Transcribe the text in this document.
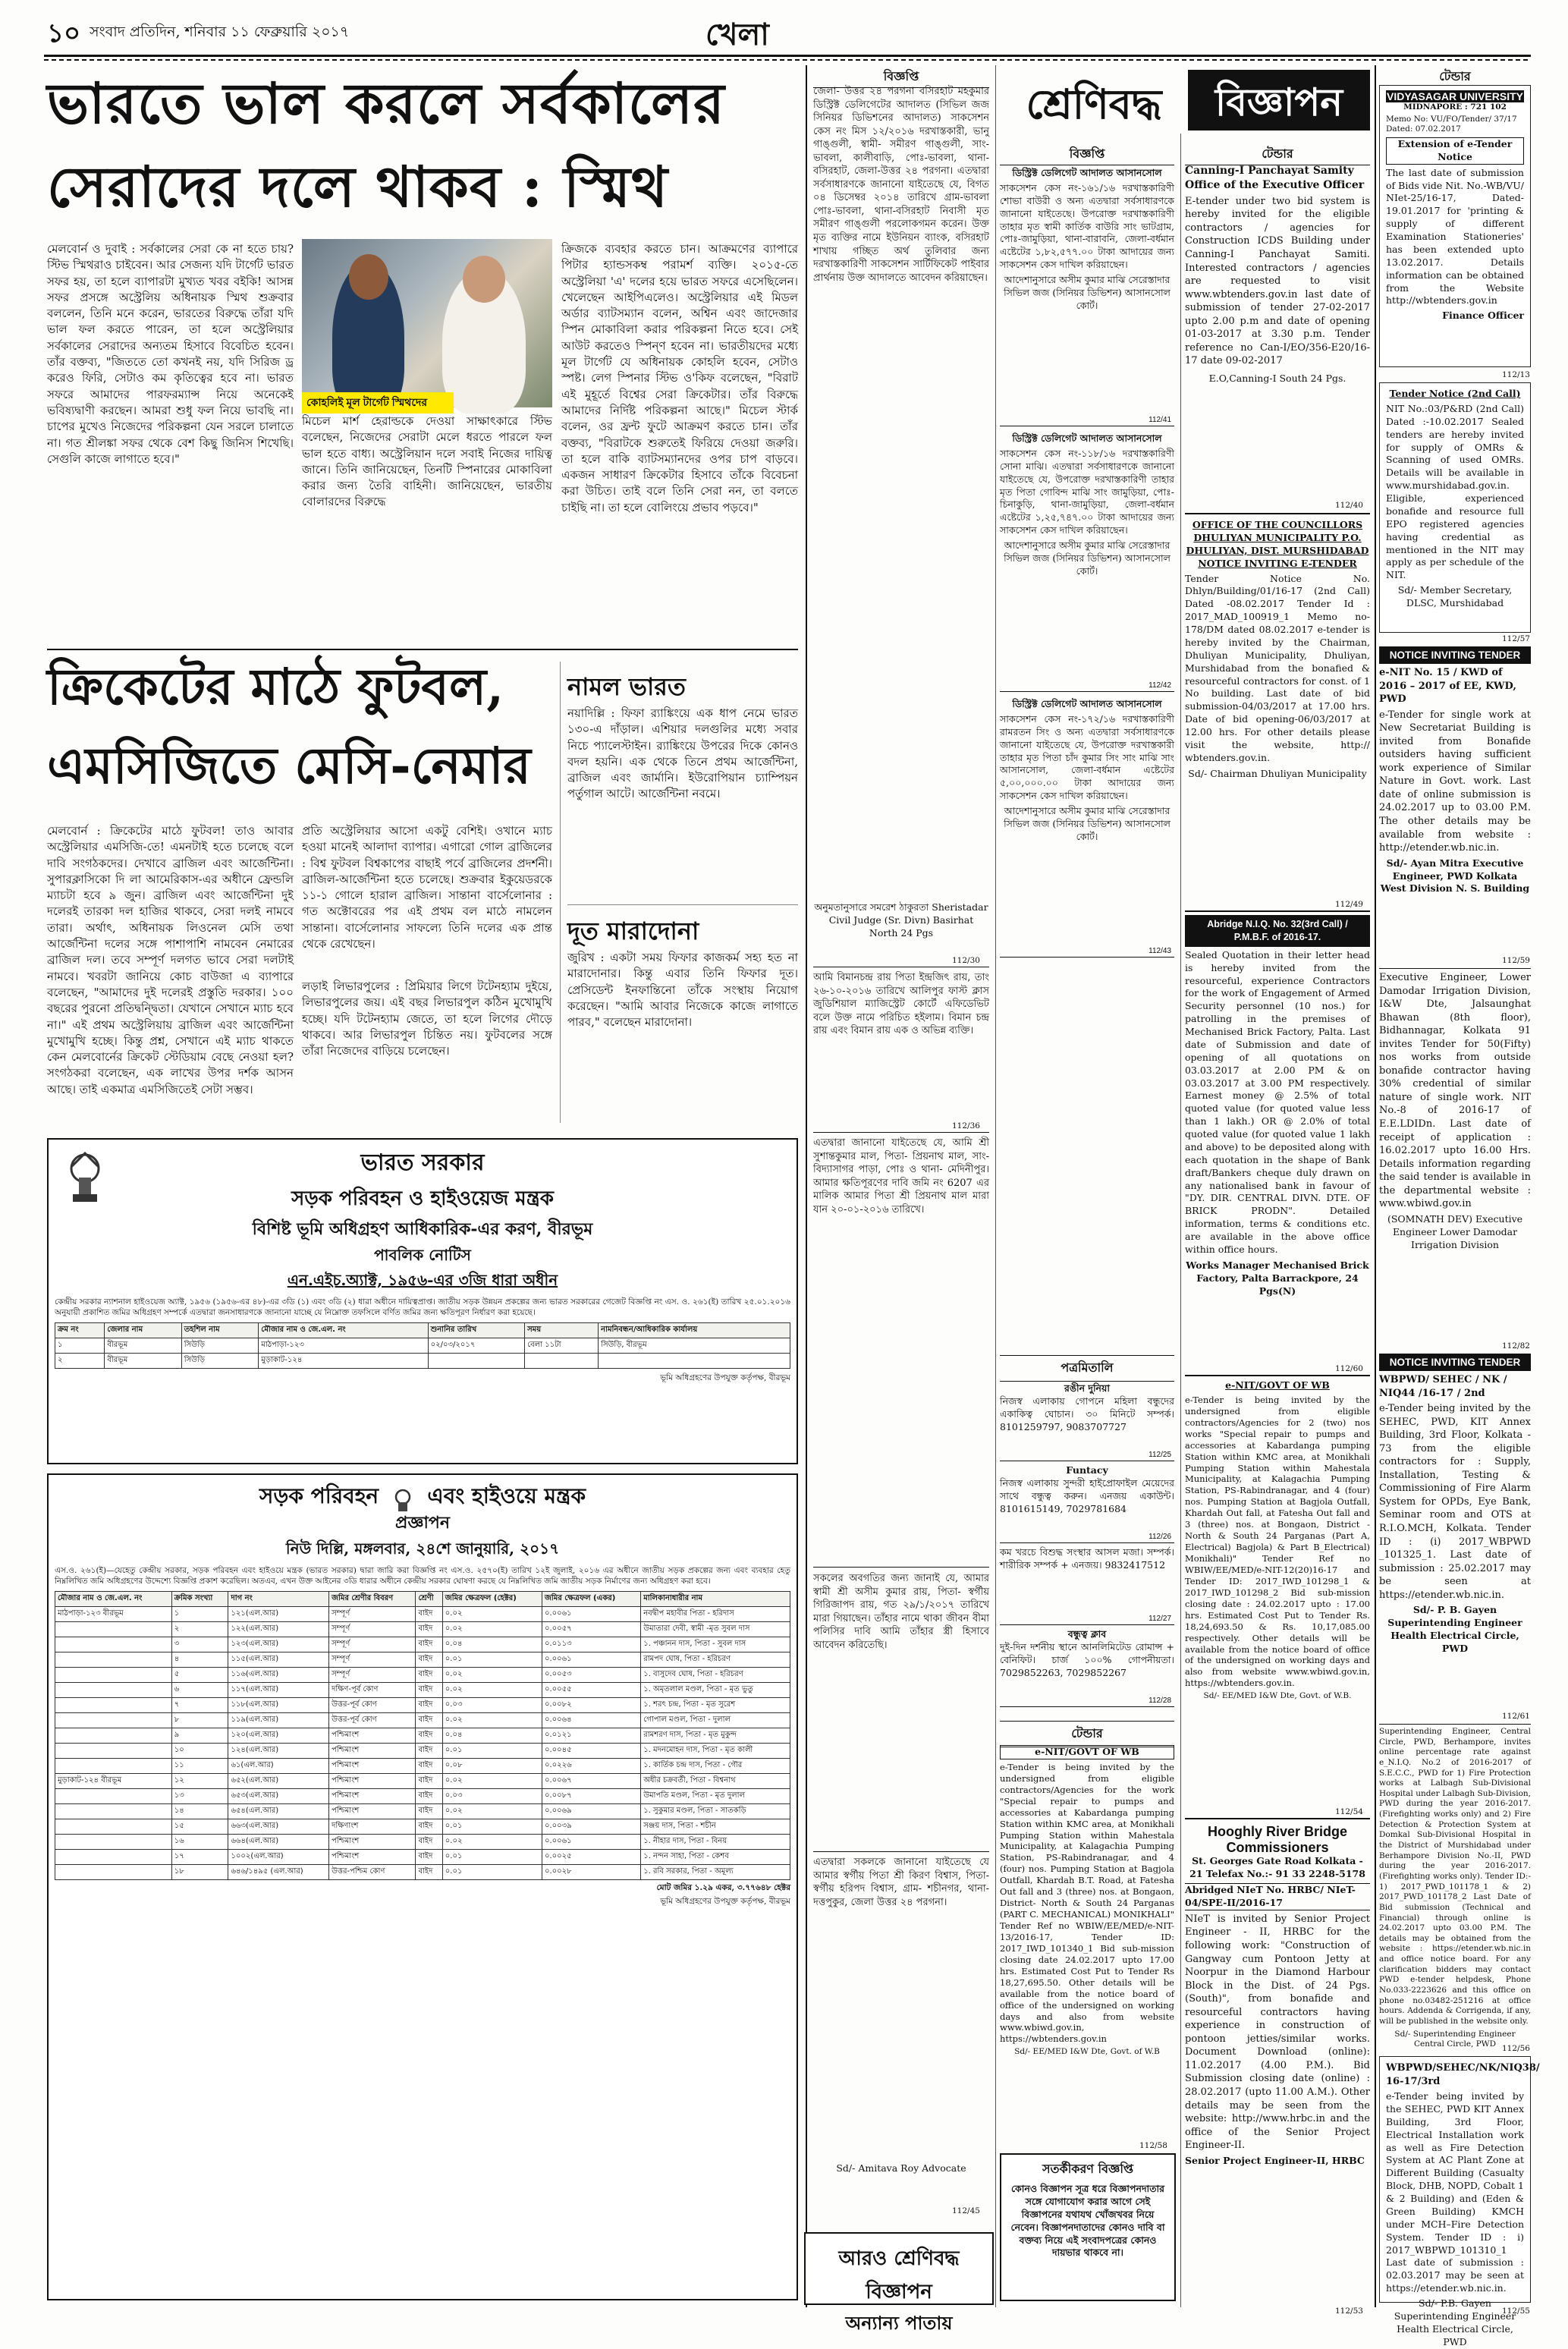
১০ সংবাদ প্রতিদিন, শনিবার ১১ ফেব্রুয়ারি ২০১৭	খেলা
ভারতে ভাল করলে সর্বকালের
সেরাদের দলে থাকব : স্মিথ
মেলবোর্ন ও দুবাই : সর্বকালের সেরা কে না হতে চায়? স্টিভ স্মিথরাও চাইবেন। আর সেজন্য যদি টার্গেট ভারত সফর হয়, তা হলে ব্যাপারটা মুখ্যত খবর বইকি! আসন্ন সফর প্রসঙ্গে অস্ট্রেলিয় অধিনায়ক স্মিথ শুক্রবার বললেন, তিনি মনে করেন, ভারতের বিরুদ্ধে তাঁরা যদি ভাল ফল করতে পারেন, তা হলে অস্ট্রেলিয়ার সর্বকালের সেরাদের অন্যতম হিসাবে বিবেচিত হবেন। তাঁর বক্তব্য, "জিততে তো কখনই নয়, যদি সিরিজ ড্র করেও ফিরি, সেটাও কম কৃতিত্বের হবে না। ভারত সফরে আমাদের পারফরম্যান্স নিয়ে অনেকেই ভবিষ্যদ্বাণী করছেন। আমরা শুধু ফল নিয়ে ভাবছি না। চাপের মুখেও নিজেদের পরিকল্পনা যেন সরলে চালাতে না। গত শ্রীলঙ্কা সফর থেকে বেশ কিছু জিনিস শিখেছি। সেগুলি কাজে লাগাতে হবে।"
কোহলিই মূল টার্গেট স্মিথদের
মিচেল মার্শ হেরাল্ডকে দেওয়া সাক্ষাৎকারে স্টিভ বলেছেন, নিজেদের সেরাটা মেলে ধরতে পারলে ফল ভাল হতে বাধ্য। অস্ট্রেলিয়ান দলে সবাই নিজের দায়িত্ব জানে। তিনি জানিয়েছেন, তিনটি স্পিনারের মোকাবিলা করার জন্য তৈরি বাহিনী। জানিয়েছেন, ভারতীয় বোলারদের বিরুদ্ধে
ক্রিজকে ব্যবহার করতে চান। আক্রমণের ব্যাপারে পিটার হ্যান্ডসকম্ব পরামর্শ ব্যক্তি। ২০১৫-তে অস্ট্রেলিয়া 'এ' দলের হয়ে ভারত সফরে এসেছিলেন। খেলেছেন আইপিএলেও। অস্ট্রেলিয়ার এই মিডল অর্ডার ব্যাটসম্যান বলেন, অশ্বিন এবং জাদেজার স্পিন মোকাবিলা করার পরিকল্পনা নিতে হবে। সেই আউট করতেও স্পিন্‌ণ হবেন না। ভারতীয়দের মধ্যে মূল টার্গেট যে অধিনায়ক কোহলি হবেন, সেটাও স্পষ্ট। লেগ স্পিনার স্টিভ ও'কিফ বলেছেন, "বিরাট এই মুহূর্তে বিশ্বের সেরা ক্রিকেটার। তাঁর বিরুদ্ধে আমাদের নির্দিষ্ট পরিকল্পনা আছে।" মিচেল স্টার্ক বলেন, ওর ফ্রন্ট ফুটে আক্রমণ করতে চান। তাঁর বক্তব্য, "বিরাটকে শুরুতেই ফিরিয়ে দেওয়া জরুরি। তা হলে বাকি ব্যাটসম্যানদের ওপর চাপ বাড়বে। একজন সাধারণ ক্রিকেটার হিসাবে তাঁকে বিবেচনা করা উচিত। তাই বলে তিনি সেরা নন, তা বলতে চাইছি না। তা হলে বোলিংয়ে প্রভাব পড়বে।"
ক্রিকেটের মাঠে ফুটবল,
এমসিজিতে মেসি-নেমার
মেলবোর্ন : ক্রিকেটের মাঠে ফুটবল! তাও আবার অস্ট্রেলিয়ার এমসিজি-তে! এমনটাই হতে চলেছে বলে দাবি সংগঠকদের। দেখাবে ব্রাজিল এবং আর্জেন্টিনা। সুপারক্লাসিকো দি লা আমেরিকাস-এর অধীনে ফ্রেন্ডলি ম্যাচটা হবে ৯ জুন। ব্রাজিল এবং আর্জেন্টিনা দুই দলেরই তারকা দল হাজির থাকবে, সেরা দলই নামবে তারা। অর্থাৎ, অধিনায়ক লিওনেল মেসি তথা আর্জেন্টিনা দলের সঙ্গে পাশাপাশি নামবেন নেমারের ব্রাজিল দল। তবে সম্পূর্ণ দলগত ভাবে সেরা দলটাই নামবে। খবরটা জানিয়ে কোচ বাউজা এ ব্যাপারে বলেছেন, "আমাদের দুই দলেরই প্রস্তুতি দরকার। ১০০ বছরের পুরনো প্রতিদ্বন্দ্বিতা। যেখানে সেখানে ম্যাচ হবে না।" এই প্রথম অস্ট্রেলিয়ায় ব্রাজিল এবং আর্জেন্টিনা মুখোমুখি হচ্ছে। কিন্তু প্রশ্ন, সেখানে এই ম্যাচ থাকতে কেন মেলবোর্নের ক্রিকেট স্টেডিয়াম বেছে নেওয়া হল? সংগঠকরা বলেছেন, এক লাখের উপর দর্শক আসন আছে। তাই একমাত্র এমসিজিতেই সেটা সম্ভব।
প্রতি অস্ট্রেলিয়ার আসো একটু বেশিই। ওখানে ম্যাচ হওয়া মানেই আলাদা ব্যাপার। এগারো গোল ব্রাজিলের : বিশ্ব ফুটবল বিশ্বকাপের বাছাই পর্বে ব্রাজিলের প্রদর্শনী। ব্রাজিল-আর্জেন্টিনা হতে চলেছে। শুক্রবার ইকুয়েডরকে ১১-১ গোলে হারাল ব্রাজিল। সান্তানা বার্সেলোনার : গত অক্টোবরের পর এই প্রথম বল মাঠে নামলেন সান্তানা। বার্সেলোনার সাফল্যে তিনি দলের এক প্রান্ত থেকে রেখেছেন।
লড়াই লিভারপুলের : প্রিমিয়ার লিগে টটেনহ্যাম দুইয়ে, লিভারপুলের জয়। এই বছর লিভারপুল কঠিন মুখোমুখি হচ্ছে। যদি টটেনহ্যাম জেতে, তা হলে লিগের দৌড়ে থাকবে। আর লিভারপুল চিন্তিত নয়। ফুটবলের সঙ্গে তাঁরা নিজেদের বাড়িয়ে চলেছেন।
নামল ভারত
নয়াদিল্লি : ফিফা র‍্যাঙ্কিংয়ে এক ধাপ নেমে ভারত ১৩০-এ দাঁড়াল। এশিয়ার দলগুলির মধ্যে সবার নিচে প্যালেস্টাইন। র‍্যাঙ্কিংয়ে উপরের দিকে কোনও বদল হয়নি। এক থেকে তিনে প্রথম আর্জেন্টিনা, ব্রাজিল এবং জার্মানি। ইউরোপিয়ান চ্যাম্পিয়ন পর্তুগাল আটে। আর্জেন্টিনা নবমে।
দূত মারাদোনা
জুরিখ : একটা সময় ফিফার কাজকর্ম সহ্য হত না মারাদোনার। কিন্তু এবার তিনি ফিফার দূত। প্রেসিডেন্ট ইনফান্তিনো তাঁকে সংস্থায় নিয়োগ করেছেন। "আমি আবার নিজেকে কাজে লাগাতে পারব," বলেছেন মারাদোনা।
ভারত সরকার
সড়ক পরিবহন ও হাইওয়েজ মন্ত্রক
বিশিষ্ট ভূমি অধিগ্রহণ আধিকারিক-এর করণ, বীরভূম
পাবলিক নোটিস
এন.এইচ.অ্যাক্ট, ১৯৫৬-এর ৩জি ধারা অধীন
কেন্দ্রীয় সরকার ন্যাশনাল হাইওয়েজ অ্যাক্ট, ১৯৫৬ (১৯৫৬-এর ৪৮)-এর ৩ডি (১) এবং ৩ডি (২) ধারা অধীনে দায়িত্বপ্রাপ্ত। জাতীয় সড়ক উন্নয়ন প্রকল্পের জন্য ভারত সরকারের গেজেট বিজ্ঞপ্তি নং এস. ও. ২৬১(ই) তারিখ ২৫.০১.২০১৬ অনুযায়ী প্রকাশিত জমির অধিগ্রহণ সম্পর্কে এতদ্বারা জনসাধারণকে জানানো যাচ্ছে যে নিম্নোক্ত তফসিলে বর্ণিত জমির জন্য ক্ষতিপূরণ নির্ধারণ করা হয়েছে।
ক্রম নং	জেলার নাম	তহশিল নাম	মৌজার নাম ও জে.এল. নং	শুনানির তারিখ	সময়	নামনিবন্ধন/আধিকারিক কার্যালয়
১	বীরভূম	সিউড়ি	মাঠপাড়া-১২৩	০২/০৩/২০১৭	বেলা ১১টা	সিউড়ি, বীরভূম
২	বীরভূম	সিউড়ি	মুড়াকাট-১২৪			
ভূমি অধিগ্রহণের উপযুক্ত কর্তৃপক্ষ, বীরভূম
সড়ক পরিবহন এবং হাইওয়ে মন্ত্রক
প্রজ্ঞাপন
নিউ দিল্লি, মঙ্গলবার, ২৪শে জানুয়ারি, ২০১৭
এস.ও. ২৬১(ই)—যেহেতু কেন্দ্রীয় সরকার, সড়ক পরিবহন এবং হাইওয়ে মন্ত্রক (ভারত সরকার) দ্বারা জারি করা বিজ্ঞপ্তি নং এস.ও. ২৫৭০(ই) তারিখ ১২ই জুলাই, ২০১৬ এর অধীনে জাতীয় সড়ক প্রকল্পের জন্য এবং ব্যবহার হেতু নিম্নলিখিত জমি অধিগ্রহণের উদ্দেশ্যে বিজ্ঞপ্তি প্রকাশ করেছিল। অতএব, এখন উক্ত আইনের ৩ডি ধারার অধীনে কেন্দ্রীয় সরকার ঘোষণা করছে যে নিম্নলিখিত জমি জাতীয় সড়ক নির্মাণের জন্য অধিগ্রহণ করা হবে।
মৌজার নাম ও জে.এল. নং	ক্রমিক সংখ্যা	দাগ নং	জমির শ্রেণীর বিবরণ	শ্রেণী	জমির ক্ষেত্রফল (হেক্টর)	জমির ক্ষেত্রফল (একর)	মালিকানাধারীর নাম
মাঠপাড়া-১২৩ বীরভূম	১	১২১(এল.আর)	সম্পূর্ণ	বাইদ	০.০২	০.০০৬১	নবদ্বীপ মহাবীর পিতা - হরিদাস
	২	১২২(এল.আর)	সম্পূর্ণ	বাইদ	০.০২	০.০০৫৭	উমাতারা দেবী, স্বামী -মৃত সুবল দাস
	৩	১২৩(এল.আর)	সম্পূর্ণ	বাইদ	০.০৪	০.০১১৩	১. পঞ্চানন দাস, পিতা - সুবল দাস
	৪	১১৫(এল.আর)	সম্পূর্ণ	বাইদ	০.০১	০.০০৬১	রামপদ ঘোষ, পিতা - হরিচরণ
	৫	১১৬(এল.আর)	সম্পূর্ণ	বাইদ	০.০২	০.০০৫৩	১. বাসুদেব ঘোষ, পিতা - হরিচরণ
	৬	১১৭(এল.আর)	দক্ষিণ-পূর্ব কোণ	বাইদ	০.০২	০.০০৫৫	১. অমৃতলাল মণ্ডল, পিতা - মৃত ভুতু
	৭	১১৮(এল.আর)	উত্তর-পূর্ব কোণ	বাইদ	০.০৩	০.০০৮২	১. শরৎ চন্দ্র, পিতা - মৃত সুরেশ
	৮	১১৯(এল.আর)	উত্তর-পূর্ব কোণ	বাইদ	০.০২	০.০০৬৪	গোপাল মণ্ডল, পিতা - দুলাল
	৯	১২০(এল.আর)	পশ্চিমাংশ	বাইদ	০.০৪	০.০১২১	রামশরণ দাস, পিতা - মৃত মুকুন্দ
	১০	১২৪(এল.আর)	পশ্চিমাংশ	বাইদ	০.০১	০.০০৪৫	১. মদনমোহন দাস, পিতা - মৃত কালী
	১১	৬১(এল.আর)	পশ্চিমাংশ	বাইদ	০.০৮	০.০২২৬	১. কার্তিক চন্দ্র দাস, পিতা - গৌর
মুড়াকাট-১২৪ বীরভূম	১২	৬৫২(এল.আর)	পশ্চিমাংশ	বাইদ	০.০২	০.০০৬৭	অধীর চক্রবর্তী, পিতা - বিশ্বনাথ
	১৩	৬৫৩(এল.আর)	পশ্চিমাংশ	বাইদ	০.০৩	০.০০৮৭	উমাপতি মণ্ডল, পিতা - মৃত দুলাল
	১৪	৬৫৪(এল.আর)	পশ্চিমাংশ	বাইদ	০.০২	০.০০৬৯	১. সুকুমার মণ্ডল, পিতা - সাতকড়ি
	১৫	৬৬৩(এল.আর)	দক্ষিণাংশ	বাইদ	০.০১	০.০০৩৯	সঞ্জয় দাস, পিতা - শচীন
	১৬	৬৬৪(এল.আর)	পশ্চিমাংশ	বাইদ	০.০২	০.০০৬১	১. নীহার দাস, পিতা - বিনয়
	১৭	১০০২(এল.আর)	পশ্চিমাংশ	বাইদ	০.০১	০.০০২৫	১. নন্দন সাহা, পিতা - কেশব
	১৮	৬৪৬/১৪৯৫ (এল.আর)	উত্তর-পশ্চিম কোণ	বাইদ	০.০১	০.০০২৮	১. রবি সরকার, পিতা - অমূল্য
মোট জমির ১.২৯ একর, ৩.৭৭৬৪৮ হেক্টর
ভূমি অধিগ্রহণের উপযুক্ত কর্তৃপক্ষ, বীরভূম
বিজ্ঞপ্তি
জেলা- উত্তর ২৪ পরগনা বসিরহাট মহকুমার ডিস্ট্রিক্ট ডেলিগেটের আদালত (সিভিল জজ সিনিয়র ডিভিশনের আদালত) সাকসেশন কেস নং মিস ১২/২০১৬ দরখাস্তকারী, ভানু গাঙ্গুলী, স্বামী- সমীরণ গাঙ্গুলী, সাং-ভাবলা, কালীবাড়ি, পোঃ-ভাবলা, থানা- বসিরহাট, জেলা-উত্তর ২৪ পরগনা। এতদ্বারা সর্বসাধারণকে জানানো যাইতেছে যে, বিগত ০৪ ডিসেম্বর ২০১৪ তারিখে গ্রাম-ভাবলা পোঃ-ভাবলা, থানা-বসিরহাট নিবাসী মৃত সমীরণ গাঙ্গুলী পরলোকগমন করেন। উক্ত মৃত ব্যক্তির নামে ইউনিয়ন ব্যাংক, বসিরহাট শাখায় গচ্ছিত অর্থ তুলিবার জন্য দরখাস্তকারিণী সাকসেশন সার্টিফিকেট পাইবার প্রার্থনায় উক্ত আদালতে আবেদন করিয়াছেন।
অনুমতানুসারে সমরেশ ঠাকুরতা Sheristadar Civil Judge (Sr. Divn) Basirhat North 24 Pgs
112/30
আমি বিমানচন্দ্র রায় পিতা ইন্দ্রজিৎ রায়, তাং ২৬-১০-২০১৬ তারিখে আলিপুর ফাস্ট ক্লাস জুডিশিয়াল ম্যাজিস্ট্রেট কোর্টে এফিডেভিট বলে উক্ত নামে পরিচিত হইলাম। বিমান চন্দ্র রায় এবং বিমান রায় এক ও অভিন্ন ব্যক্তি।
112/36
এতদ্বারা জানানো যাইতেছে যে, আমি শ্রী সুশান্তকুমার মাল, পিতা- প্রিয়নাথ মাল, সাং- বিদ্যাসাগর পাড়া, পোঃ ও থানা- মেদিনীপুর। আমার ক্ষতিপূরণের দাবি জমি নং 6207 এর মালিক আমার পিতা শ্রী প্রিয়নাথ মাল মারা যান ২০-০১-২০১৬ তারিখে।
সকলের অবগতির জন্য জানাই যে, আমার স্বামী শ্রী অসীম কুমার রায়, পিতা- স্বর্গীয় গিরিজাপদ রায়, গত ২৯/১/২০১৭ তারিখে মারা গিয়াছেন। তাঁহার নামে থাকা জীবন বীমা পলিসির দাবি আমি তাঁহার স্ত্রী হিসাবে আবেদন করিতেছি।
এতদ্বারা সকলকে জানানো যাইতেছে যে আমার স্বর্গীয় পিতা শ্রী কিরণ বিশ্বাস, পিতা- স্বর্গীয় হরিপদ বিশ্বাস, গ্রাম- শচীনগর, থানা- দত্তপুকুর, জেলা উত্তর ২৪ পরগনা।
Sd/- Amitava Roy Advocate
112/45
আরও শ্রেণিবদ্ধ বিজ্ঞাপন
অন্যান্য পাতায়
শ্রেণিবদ্ধ	বিজ্ঞাপন
বিজ্ঞপ্তি
ডিস্ট্রিক্ট ডেলিগেট আদালত আসানসোল
সাকসেশন কেস নং-১৬১/১৬ দরখাস্তকারিণী শোভা বাউরী ও অন্য এতদ্বারা সর্বসাধারণকে জানানো যাইতেছে। উপরোক্ত দরখাস্তকারিণী তাহার মৃত স্বামী কার্তিক বাউরি সাং ভাটগ্রাম, পোঃ-জামুড়িয়া, থানা-বারাবনি, জেলা-বর্ধমান এষ্টেটের ১,৮২,৫৭৭.০০ টাকা আদায়ের জন্য সাকসেশন কেস দাখিল করিয়াছেন।
আদেশানুসারে অসীম কুমার মাঝি সেরেস্তাদার সিভিল জজ (সিনিয়র ডিভিশন) আসানসোল কোর্ট।
112/41
ডিস্ট্রিক্ট ডেলিগেট আদালত আসানসোল
সাকসেশন কেস নং-১১৮/১৬ দরখাস্তকারিণী সোনা মাঝি। এতদ্বারা সর্বসাধারণকে জানানো যাইতেছে যে, উপরোক্ত দরখাস্তকারিণী তাহার মৃত পিতা গোবিন্দ মাঝি সাং জামুড়িয়া, পোঃ-চিনাকুড়ি, থানা-জামুড়িয়া, জেলা-বর্ধমান এষ্টেটের ১,২৫,৭৪৭.০০ টাকা আদায়ের জন্য সাকসেশন কেস দাখিল করিয়াছেন।
আদেশানুসারে অসীম কুমার মাঝি সেরেস্তাদার সিভিল জজ (সিনিয়র ডিভিশন) আসানসোল কোর্ট।
112/42
ডিস্ট্রিক্ট ডেলিগেট আদালত আসানসোল
সাকসেশন কেস নং-১৭২/১৬ দরখাস্তকারিণী রামরতন সিং ও অন্য এতদ্বারা সর্বসাধারণকে জানানো যাইতেছে যে, উপরোক্ত দরখাস্তকারী তাহার মৃত পিতা চাঁদ কুমার সিং সাং মাঝি সাং আসানসোল, জেলা-বর্ধমান এষ্টেটের ৫,০০,০০০.০০ টাকা আদায়ের জন্য সাকসেশন কেস দাখিল করিয়াছেন।
আদেশানুসারে অসীম কুমার মাঝি সেরেস্তাদার সিভিল জজ (সিনিয়র ডিভিশন) আসানসোল কোর্ট।
112/43
পত্রমিতালি
রঙীন দুনিয়া
নিজস্ব এলাকায় গোপনে মহিলা বন্ধুদের একাকিত্ব ঘোচান। ৩০ মিনিটে সম্পর্ক। 8101259797, 9083707727
112/25
Funtacy
নিজস্ব এলাকায় সুন্দরী হাইপ্রোফাইল মেয়েদের সাথে বন্ধুত্ব করুন। এনজয় একাউন্ট। 8101615149, 7029781684
112/26
কম খরচে বিশুদ্ধ সংস্থার আসল মজা। সম্পর্ক। শারীরিক সম্পর্ক + এনজয়। 9832417512
112/27
বন্ধুত্ব ক্লাব
দুই-দিন দর্শনীয় স্থানে আনলিমিটেড রোমান্স + বেনিফিট। চার্জ ১০০% গোপনীয়তা। 7029852263, 7029852267
112/28
টেন্ডার
e-NIT/GOVT OF WB
e-Tender is being invited by the undersigned from eligible contractors/Agencies for the work "Special repair to pumps and accessories at Kabardanga pumping Station within KMC area, at Monikhali Pumping Station within Mahestala Municipality, at Kalagachia Pumping Station, PS-Rabindranagar, and 4 (four) nos. Pumping Station at Bagjola Outfall, Khardah B.T. Road, at Fatesha Out fall and 3 (three) nos. at Bongaon, District- North & South 24 Parganas (PART C. MECHANICAL) MONIKHALI" Tender Ref no WBIW/EE/MED/e-NIT-13/2016-17, Tender ID: 2017_IWD_101340_1 Bid sub-mission closing date 24.02.2017 upto 17.00 hrs. Estimated Cost Put to Tender Rs 18,27,695.50. Other details will be available from the notice board of office of the undersigned on working days and also from website www.wbiwd.gov.in, https://wbtenders.gov.in
Sd/- EE/MED I&W Dte, Govt. of W.B
112/58
সতর্কীকরণ বিজ্ঞপ্তি
কোনও বিজ্ঞাপন সূত্র ধরে বিজ্ঞাপনদাতার সঙ্গে যোগাযোগ করার আগে সেই বিজ্ঞাপনের যথাযথ খোঁজখবর নিয়ে নেবেন। বিজ্ঞাপনদাতাদের কোনও দাবি বা বক্তব্য নিয়ে এই সংবাদপত্রের কোনও দায়ভার থাকবে না।
টেন্ডার
Canning-I Panchayat Samity Office of the Executive Officer
E-tender under two bid system is hereby invited for the eligible contractors / agencies for Construction ICDS Building under Canning-I Panchayat Samiti. Interested contractors / agencies are requested to visit www.wbtenders.gov.in last date of submission of tender 27-02-2017 upto 2.00 p.m and date of opening 01-03-2017 at 3.30 p.m. Tender reference no Can-I/EO/356-E20/16-17 date 09-02-2017
E.O,Canning-I South 24 Pgs.
112/40
OFFICE OF THE COUNCILLORS DHULIYAN MUNICIPALITY P.O. DHULIYAN, DIST. MURSHIDABAD NOTICE INVITING E-TENDER
Tender Notice No. Dhlyn/Building/01/16-17 (2nd Call) Dated -08.02.2017 Tender Id : 2017_MAD_100919_1 Memo no-178/DM dated 08.02.2017 e-tender is hereby invited by the Chairman, Dhuliyan Municipality, Dhuliyan, Murshidabad from the bonafied & resourceful contractors for const. of 1 No building. Last date of bid submission-04/03/2017 at 17.00 hrs. Date of bid opening-06/03/2017 at 12.00 hrs. For other details please visit the website, http:// wbtenders.gov.in.
Sd/- Chairman Dhuliyan Municipality
112/49
Abridge N.I.Q. No. 32(3rd Call) / P.M.B.F. of 2016-17.
Sealed Quotation in their letter head is hereby invited from the resourceful, experience Contractors for the work of Engagement of Armed Security personnel (10 nos.) for patrolling in the premises of Mechanised Brick Factory, Palta. Last date of Submission and date of opening of all quotations on 03.03.2017 at 2.00 PM & on 03.03.2017 at 3.00 PM respectively. Earnest money @ 2.5% of total quoted value (for quoted value less than 1 lakh.) OR @ 2.0% of total quoted value (for quoted value 1 lakh and above) to be deposited along with each quotation in the shape of Bank draft/Bankers cheque duly drawn on any nationalised bank in favour of "DY. DIR. CENTRAL DIVN. DTE. OF BRICK PRODN". Detailed information, terms & conditions etc. are available in the above office within office hours.
Works Manager Mechanised Brick Factory, Palta Barrackpore, 24 Pgs(N)
112/60
e-NIT/GOVT OF WB
e-Tender is being invited by the undersigned from eligible contractors/Agencies for 2 (two) nos works "Special repair to pumps and accessories at Kabardanga pumping Station within KMC area, at Monikhali Pumping Station within Mahestala Municipality, at Kalagachia Pumping Station, PS-Rabindranagar, and 4 (four) nos. Pumping Station at Bagjola Outfall, Khardah Out fall, at Fatesha Out fall and 3 (three) nos. at Bongaon, District - North & South 24 Parganas (Part A, Electrical) Bagjola) & Part B_Electrical) Monikhali)" Tender Ref no WBIW/EE/MED/e-NIT-12(20)16-17 and Tender ID: 2017_IWD_101298_1 & 2017_IWD_101298_2 Bid sub-mission closing date : 24.02.2017 upto : 17.00 hrs. Estimated Cost Put to Tender Rs. 18,24,693.50 & Rs. 10,17,085.00 respectively. Other details will be available from the notice board of office of the undersigned on working days and also from website www.wbiwd.gov.in, https://wbtenders.gov.in.
Sd/- EE/MED I&W Dte, Govt. of W.B.
112/54
Hooghly River Bridge Commissioners
St. Georges Gate Road Kolkata - 21 Telefax No.:- 91 33 2248-5178
Abridged NIeT No. HRBC/ NIeT-04/SPE-II/2016-17
NIeT is invited by Senior Project Engineer - II, HRBC for the following work: "Construction of Gangway cum Pontoon Jetty at Noorpur in the Diamond Harbour Block in the Dist. of 24 Pgs. (South)", from bonafide and resourceful contractors having experience in construction of pontoon jetties/similar works. Document Download (online): 11.02.2017 (4.00 P.M.). Bid Submission closing date (online) : 28.02.2017 (upto 11.00 A.M.). Other details may be seen from the website: http://www.hrbc.in and the office of the Senior Project Engineer-II.
Senior Project Engineer-II, HRBC
112/53
টেন্ডার
VIDYASAGAR UNIVERSITY
MIDNAPORE : 721 102
Memo No: VU/FO/Tender/ 37/17 Dated: 07.02.2017
Extension of e-Tender Notice
The last date of submission of Bids vide Nit. No.-WB/VU/ NIet-25/16-17, Dated- 19.01.2017 for 'printing & supply of different Examination Stationeries' has been extended upto 13.02.2017. Details information can be obtained from the Website http://wbtenders.gov.in
Finance Officer
112/13
Tender Notice (2nd Call)
NIT No.:03/P&RD (2nd Call) Dated :-10.02.2017 Sealed tenders are hereby invited for supply of OMRs & Scanning of used OMRs. Details will be available in www.murshidabad.gov.in. Eligible, experienced bonafide and resource full EPO registered agencies having credential as mentioned in the NIT may apply as per schedule of the NIT.
Sd/- Member Secretary, DLSC, Murshidabad
112/57
NOTICE INVITING TENDER
e-NIT No. 15 / KWD of 2016 – 2017 of EE, KWD, PWD
e-Tender for single work at New Secretariat Building is invited from Bonafide outsiders having sufficient work experience of Similar Nature in Govt. work. Last date of online submission is 24.02.2017 up to 03.00 P.M. The other details may be available from website : http://etender.wb.nic.in.
Sd/- Ayan Mitra Executive Engineer, PWD Kolkata West Division N. S. Building
112/59
Executive Engineer, Lower Damodar Irrigation Division, I&W Dte, Jalsaunghat Bhawan (8th floor), Bidhannagar, Kolkata 91 invites Tender for 50(Fifty) nos works from outside bonafide contractor having 30% credential of similar nature of single work. NIT No.-8 of 2016-17 of E.E.LDIDn. Last date of receipt of application : 16.02.2017 upto 16.00 Hrs. Details information regarding the said tender is available in the departmental website : www.wbiwd.gov.in
(SOMNATH DEV) Executive Engineer Lower Damodar Irrigation Division
112/82
NOTICE INVITING TENDER
WBPWD/ SEHEC / NK / NIQ44 /16-17 / 2nd
e-Tender being invited by the SEHEC, PWD, KIT Annex Building, 3rd Floor, Kolkata - 73 from the eligible contractors for : Supply, Installation, Testing & Commissioning of Fire Alarm System for OPDs, Eye Bank, Seminar room and OTS at R.I.O.MCH, Kolkata. Tender ID : (i) 2017_WBPWD _101325_1. Last date of submission : 25.02.2017 may be seen at https://etender.wb.nic.in.
Sd/- P. B. Gayen Superintending Engineer Health Electrical Circle, PWD
112/61
Superintending Engineer, Central Circle, PWD, Berhampore, invites online percentage rate against e_N.I.Q. No.2 of 2016-2017 of S.E.C.C., PWD for 1) Fire Protection works at Lalbagh Sub-Divisional Hospital under Lalbagh Sub-Division, PWD during the year 2016-2017. (Firefighting works only) and 2) Fire Detection & Protection System at Domkal Sub-Divisional Hospital in the District of Murshidabad under Berhampore Division No.-II, PWD during the year 2016-2017. (Firefighting works only). Tender ID:- 1) 2017_PWD_101178_1 & 2) 2017_PWD_101178_2 Last Date of Bid submission (Technical and Financial) through online is 24.02.2017 upto 03.00 P.M. The details may be obtained from the website : https://etender.wb.nic.in and office notice board. For any clarification bidders may contact PWD e-tender helpdesk, Phone No.033-2223626 and this office on phone no.03482-251216 at office hours. Addenda & Corrigenda, if any, will be published in the website only.
Sd/- Superintending Engineer Central Circle, PWD 112/56
WBPWD/SEHEC/NK/NIQ38/ 16-17/3rd
e-Tender being invited by the SEHEC, PWD KIT Annex Building, 3rd Floor, Electrical Installation work as well as Fire Detection System at AC Plant Zone at Different Building (Casualty Block, DHB, NOPD, Cobalt 1 & 2 Building) and (Eden & Green Building) KMCH under MCH–Fire Detection System. Tender ID : i) 2017_WBPWD_101310_1 Last date of submission : 02.03.2017 may be seen at https://etender.wb.nic.in.
Sd/- P.B. Gayen Superintending Engineer Health Electrical Circle, PWD
112/55
